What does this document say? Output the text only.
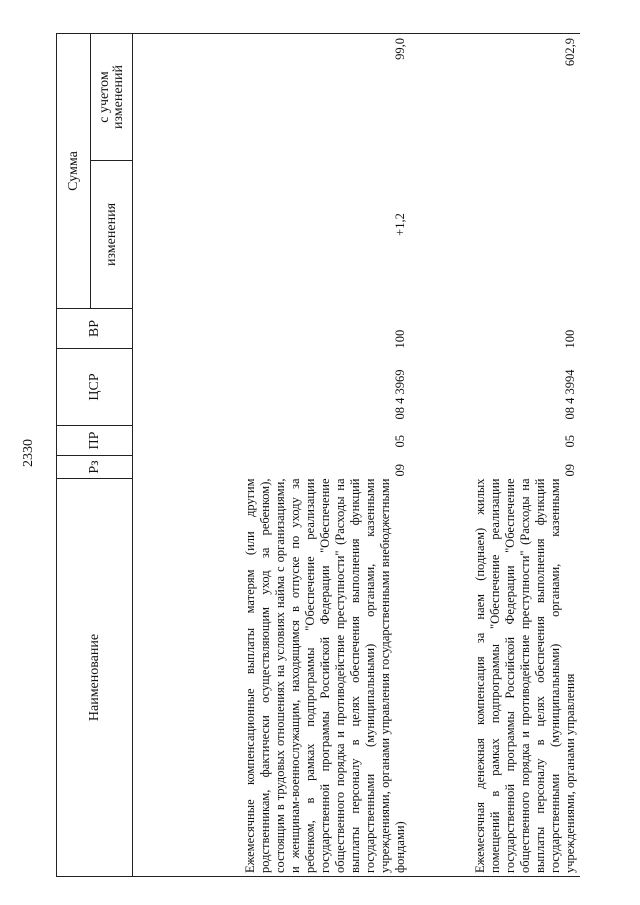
2330
Наименование	Рз	ПР	ЦСР	ВР	Сумма	
					изменения	с учетом изменений
Ежемесячные компенсационные выплаты матерям (или другим родственникам, фактически осуществляющим уход за ребенком), состоящим в трудовых отношениях на условиях найма с организациями, и женщинам-военнослужащим, находящимся в отпуске по уходу за ребенком, в рамках подпрограммы "Обеспечение реализации государственной программы Российской Федерации "Обеспечение общественного порядка и противодействие преступности" (Расходы на выплаты персоналу в целях обеспечения выполнения функций государственными (муниципальными) органами, казенными учреждениями, органами управления государственными внебюджетными фондами)	09	05	08 4 3969	100	+1,2	99,0
Ежемесячная денежная компенсация за наем (поднаем) жилых помещений в рамках подпрограммы "Обеспечение реализации государственной программы Российской Федерации "Обеспечение общественного порядка и противодействие преступности" (Расходы на выплаты персоналу в целях обеспечения выполнения функций государственными (муниципальными) органами, казенными учреждениями, органами управления	09	05	08 4 3994	100		602,9
